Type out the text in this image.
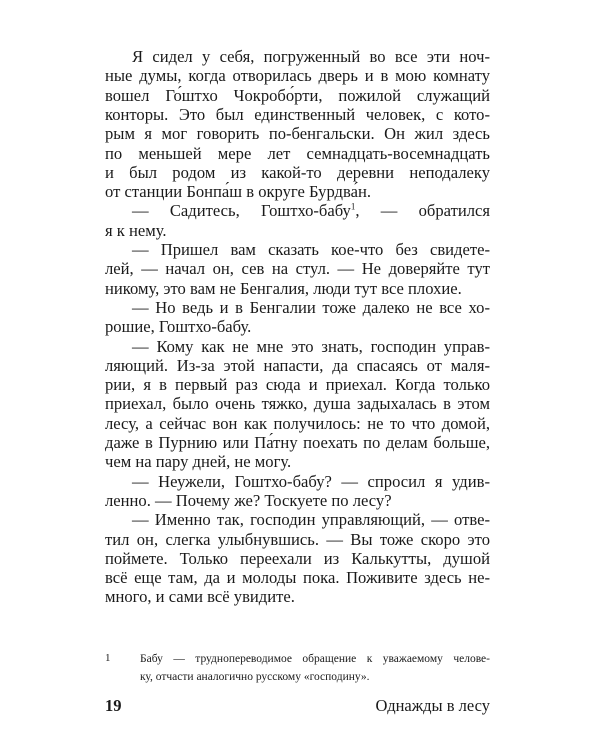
Я сидел у себя, погруженный во все эти ноч-
ные думы, когда отворилась дверь и в мою комнату
вошел Го́штхо Чокробо́рти, пожилой служащий
конторы. Это был единственный человек, с кото-
рым я мог говорить по-бенгальски. Он жил здесь
по меньшей мере лет семнадцать-восемнадцать
и был родом из какой-то деревни неподалеку
от станции Бонпа́ш в округе Бурдва́н.
— Садитесь, Гоштхо-бабу$^1$, — обратился
я к нему.
— Пришел вам сказать кое-что без свидете-
лей, — начал он, сев на стул. — Не доверяйте тут
никому, это вам не Бенгалия, люди тут все плохие.
— Но ведь и в Бенгалии тоже далеко не все хо-
рошие, Гоштхо-бабу.
— Кому как не мне это знать, господин управ-
ляющий. Из-за этой напасти, да спасаясь от маля-
рии, я в первый раз сюда и приехал. Когда только
приехал, было очень тяжко, душа задыхалась в этом
лесу, а сейчас вон как получилось: не то что домой,
даже в Пурнию или Па́тну поехать по делам больше,
чем на пару дней, не могу.
— Неужели, Гоштхо-бабу? — спросил я удив-
ленно. — Почему же? Тоскуете по лесу?
— Именно так, господин управляющий, — отве-
тил он, слегка улыбнувшись. — Вы тоже скоро это
поймете. Только переехали из Калькутты, душой
всё еще там, да и молоды пока. Поживите здесь не-
много, и сами всё увидите.
1	Бабу — труднопереводимое обращение к уважаемому челове-
ку, отчасти аналогично русскому «господину».
19	Однажды в лесу
